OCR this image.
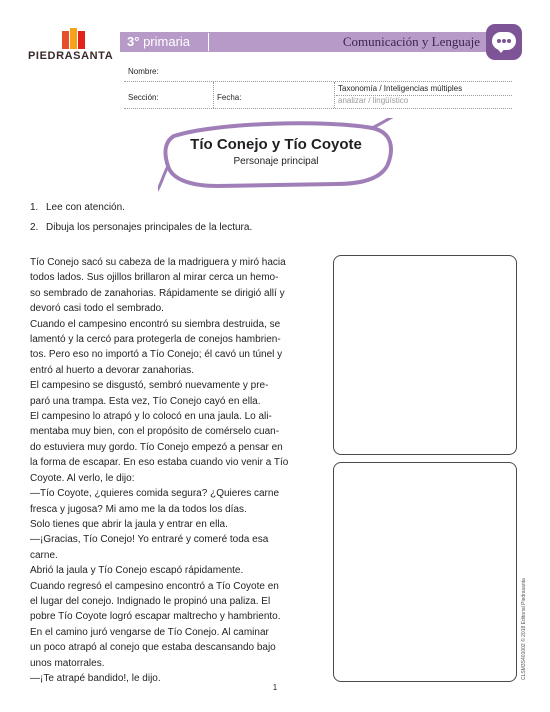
PIEDRASANTA
3° primaria	Comunicación y Lenguaje
Nombre:
Sección:	Fecha:
Taxonomía / Inteligencias múltiples
analizar / lingüístico
Tío Conejo y Tío Coyote
Personaje principal
1. Lee con atención.
2. Dibuja los personajes principales de la lectura.
Tío Conejo sacó su cabeza de la madriguera y miró hacia
todos lados. Sus ojillos brillaron al mirar cerca un hemo-
so sembrado de zanahorias. Rápidamente se dirigió allí y
devoró casi todo el sembrado.
Cuando el campesino encontró su siembra destruida, se
lamentó y la cercó para protegerla de conejos hambrien-
tos. Pero eso no importó a Tío Conejo; él cavó un túnel y
entró al huerto a devorar zanahorias.
El campesino se disgustó, sembró nuevamente y pre-
paró una trampa. Esta vez, Tío Conejo cayó en ella.
El campesino lo atrapó y lo colocó en una jaula. Lo ali-
mentaba muy bien, con el propósito de comérselo cuan-
do estuviera muy gordo. Tío Conejo empezó a pensar en
la forma de escapar. En eso estaba cuando vio venir a Tío
Coyote. Al verlo, le dijo:
—Tío Coyote, ¿quieres comida segura? ¿Quieres carne
fresca y jugosa? Mi amo me la da todos los días.
Solo tienes que abrir la jaula y entrar en ella.
—¡Gracias, Tío Conejo! Yo entraré y comeré toda esa
carne.
Abrió la jaula y Tío Conejo escapó rápidamente.
Cuando regresó el campesino encontró a Tío Coyote en
el lugar del conejo. Indignado le propinó una paliza. El
pobre Tío Coyote logró escapar maltrecho y hambriento.
En el camino juró vengarse de Tío Conejo. Al caminar
un poco atrapó al conejo que estaba descansando bajo
unos matorrales.
—¡Te atrapé bandido!, le dijo.	CLSM3S401002 © 2018 Editorial Piedrasanta
1
